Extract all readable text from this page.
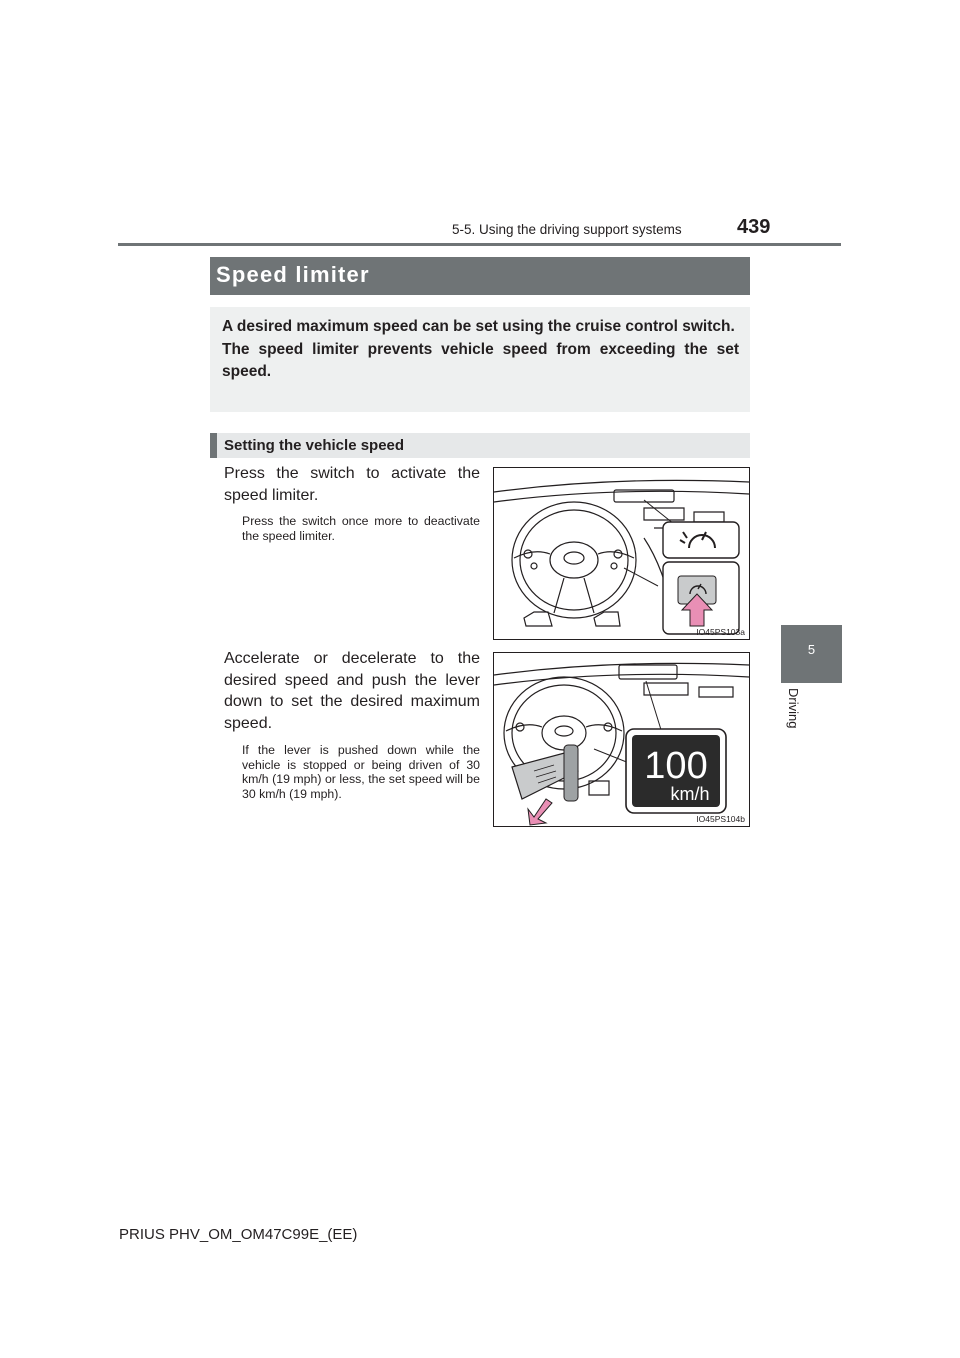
5-5. Using the driving support systems	439
5
Driving
Speed limiter

A desired maximum speed can be set using the cruise control switch.

The speed limiter prevents vehicle speed from exceeding the set speed.

Setting the vehicle speed
Press the switch to activate the speed limiter.
Press the switch once more to deactivate the speed limiter.
IO45PS103a
Accelerate or decelerate to the desired speed and push the lever down to set the desired maximum speed.
If the lever is pushed down while the vehicle is stopped or being driven of 30 km/h (19 mph) or less, the set speed will be 30 km/h (19 mph).
100
km/h
IO45PS104b
PRIUS PHV_OM_OM47C99E_(EE)
